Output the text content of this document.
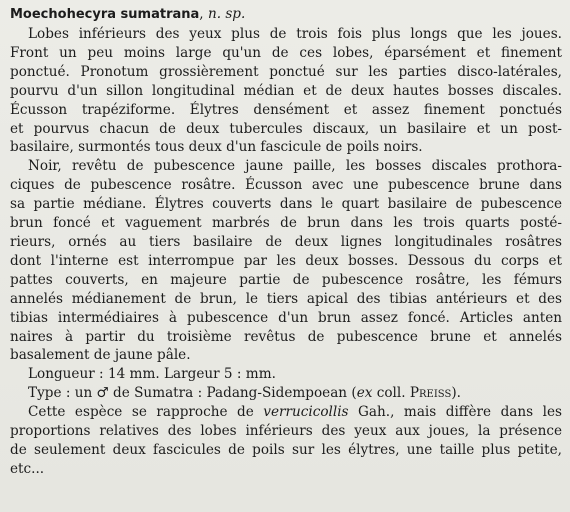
Moechohecyra sumatrana, n. sp.
Lobes inférieurs des yeux plus de trois fois plus longs que les joues.
Front un peu moins large qu'un de ces lobes, éparsément et finement
ponctué. Pronotum grossièrement ponctué sur les parties disco-latérales,
pourvu d'un sillon longitudinal médian et de deux hautes bosses discales.
Écusson trapéziforme. Élytres densément et assez finement ponctués
et pourvus chacun de deux tubercules discaux, un basilaire et un post-
basilaire, surmontés tous deux d'un fascicule de poils noirs.
Noir, revêtu de pubescence jaune paille, les bosses discales prothora-
ciques de pubescence rosâtre. Écusson avec une pubescence brune dans
sa partie médiane. Élytres couverts dans le quart basilaire de pubescence
brun foncé et vaguement marbrés de brun dans les trois quarts posté-
rieurs, ornés au tiers basilaire de deux lignes longitudinales rosâtres
dont l'interne est interrompue par les deux bosses. Dessous du corps et
pattes couverts, en majeure partie de pubescence rosâtre, les fémurs
annelés médianement de brun, le tiers apical des tibias antérieurs et des
tibias intermédiaires à pubescence d'un brun assez foncé. Articles anten
naires à partir du troisième revêtus de pubescence brune et annelés
basalement de jaune pâle.
Longueur : 14 mm. Largeur 5 : mm.
Type : un ♂ de Sumatra : Padang-Sidempoean (ex coll. Preiss).
Cette espèce se rapproche de verrucicollis Gah., mais diffère dans les
proportions relatives des lobes inférieurs des yeux aux joues, la présence
de seulement deux fascicules de poils sur les élytres, une taille plus petite,
etc...
